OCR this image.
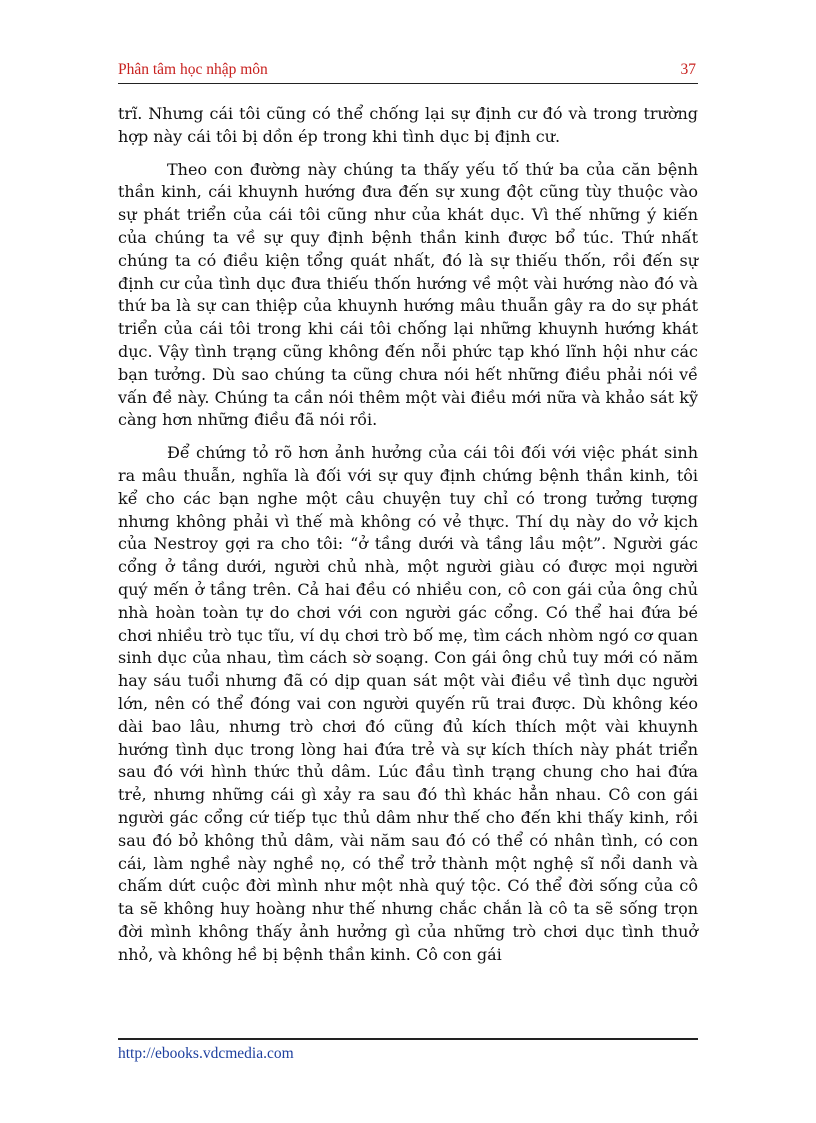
Phân tâm học nhập môn	37

trĩ. Nhưng cái tôi cũng có thể chống lại sự định cư đó và trong trường hợp này cái tôi bị dồn ép trong khi tình dục bị định cư.

Theo con đường này chúng ta thấy yếu tố thứ ba của căn bệnh thần kinh, cái khuynh hướng đưa đến sự xung đột cũng tùy thuộc vào sự phát triển của cái tôi cũng như của khát dục. Vì thế những ý kiến của chúng ta về sự quy định bệnh thần kinh được bổ túc. Thứ nhất chúng ta có điều kiện tổng quát nhất, đó là sự thiếu thốn, rồi đến sự định cư của tình dục đưa thiếu thốn hướng về một vài hướng nào đó và thứ ba là sự can thiệp của khuynh hướng mâu thuẫn gây ra do sự phát triển của cái tôi trong khi cái tôi chống lại những khuynh hướng khát dục. Vậy tình trạng cũng không đến nỗi phức tạp khó lĩnh hội như các bạn tưởng. Dù sao chúng ta cũng chưa nói hết những điều phải nói về vấn đề này. Chúng ta cần nói thêm một vài điều mới nữa và khảo sát kỹ càng hơn những điều đã nói rồi.

Để chứng tỏ rõ hơn ảnh hưởng của cái tôi đối với việc phát sinh ra mâu thuẫn, nghĩa là đối với sự quy định chứng bệnh thần kinh, tôi kể cho các bạn nghe một câu chuyện tuy chỉ có trong tưởng tượng nhưng không phải vì thế mà không có vẻ thực. Thí dụ này do vở kịch của Nestroy gợi ra cho tôi: “ở tầng dưới và tầng lầu một”. Người gác cổng ở tầng dưới, người chủ nhà, một người giàu có được mọi người quý mến ở tầng trên. Cả hai đều có nhiều con, cô con gái của ông chủ nhà hoàn toàn tự do chơi với con người gác cổng. Có thể hai đứa bé chơi nhiều trò tục tĩu, ví dụ chơi trò bố mẹ, tìm cách nhòm ngó cơ quan sinh dục của nhau, tìm cách sờ soạng. Con gái ông chủ tuy mới có năm hay sáu tuổi nhưng đã có dịp quan sát một vài điều về tình dục người lớn, nên có thể đóng vai con người quyến rũ trai được. Dù không kéo dài bao lâu, nhưng trò chơi đó cũng đủ kích thích một vài khuynh hướng tình dục trong lòng hai đứa trẻ và sự kích thích này phát triển sau đó với hình thức thủ dâm. Lúc đầu tình trạng chung cho hai đứa trẻ, nhưng những cái gì xảy ra sau đó thì khác hẳn nhau. Cô con gái người gác cổng cứ tiếp tục thủ dâm như thế cho đến khi thấy kinh, rồi sau đó bỏ không thủ dâm, vài năm sau đó có thể có nhân tình, có con cái, làm nghề này nghề nọ, có thể trở thành một nghệ sĩ nổi danh và chấm dứt cuộc đời mình như một nhà quý tộc. Có thể đời sống của cô ta sẽ không huy hoàng như thế nhưng chắc chắn là cô ta sẽ sống trọn đời mình không thấy ảnh hưởng gì của những trò chơi dục tình thuở nhỏ, và không hề bị bệnh thần kinh. Cô con gái

http://ebooks.vdcmedia.com
